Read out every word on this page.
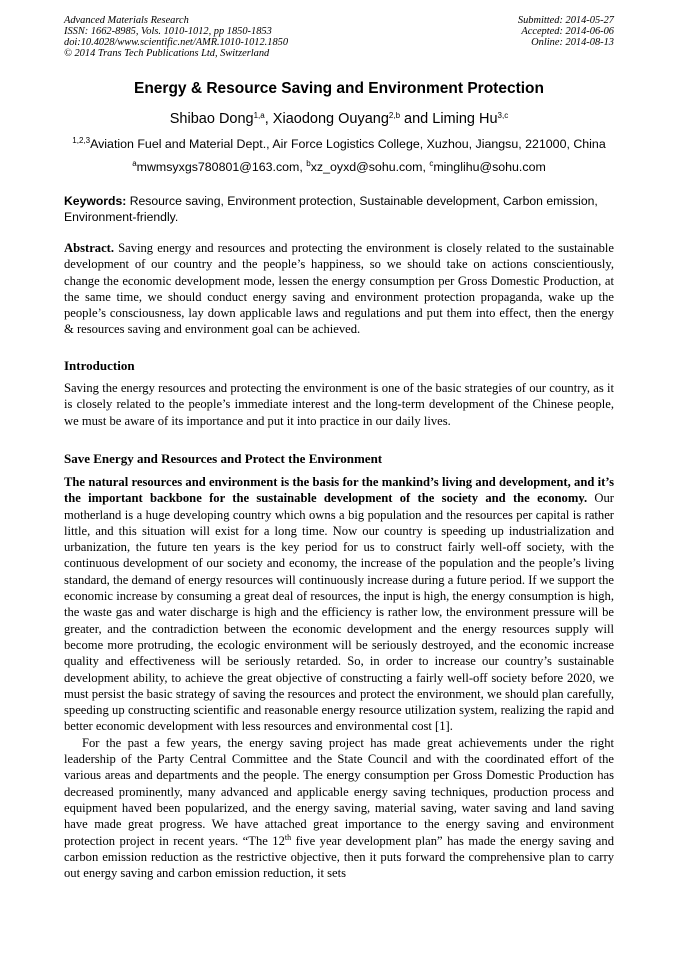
Advanced Materials Research
ISSN: 1662-8985, Vols. 1010-1012, pp 1850-1853
doi:10.4028/www.scientific.net/AMR.1010-1012.1850
© 2014 Trans Tech Publications Ltd, Switzerland
Submitted: 2014-05-27
Accepted: 2014-06-06
Online: 2014-08-13
Energy & Resource Saving and Environment Protection
Shibao Dong$^{1,a}$, Xiaodong Ouyang$^{2,b}$ and Liming Hu$^{3,c}$
$^{1,2,3}$Aviation Fuel and Material Dept., Air Force Logistics College, Xuzhou, Jiangsu, 221000, China
$^a$mwmsyxgs780801@163.com, $^b$xz_oyxd@sohu.com, $^c$minglihu@sohu.com
Keywords: Resource saving, Environment protection, Sustainable development, Carbon emission, Environment-friendly.
Abstract. Saving energy and resources and protecting the environment is closely related to the sustainable development of our country and the people’s happiness, so we should take on actions conscientiously, change the economic development mode, lessen the energy consumption per Gross Domestic Production, at the same time, we should conduct energy saving and environment protection propaganda, wake up the people’s consciousness, lay down applicable laws and regulations and put them into effect, then the energy & resources saving and environment goal can be achieved.
Introduction
Saving the energy resources and protecting the environment is one of the basic strategies of our country, as it is closely related to the people’s immediate interest and the long-term development of the Chinese people, we must be aware of its importance and put it into practice in our daily lives.
Save Energy and Resources and Protect the Environment

The natural resources and environment is the basis for the mankind’s living and development, and it’s the important backbone for the sustainable development of the society and the economy. Our motherland is a huge developing country which owns a big population and the resources per capital is rather little, and this situation will exist for a long time. Now our country is speeding up industrialization and urbanization, the future ten years is the key period for us to construct fairly well-off society, with the continuous development of our society and economy, the increase of the population and the people’s living standard, the demand of energy resources will continuously increase during a future period. If we support the economic increase by consuming a great deal of resources, the input is high, the energy consumption is high, the waste gas and water discharge is high and the efficiency is rather low, the environment pressure will be greater, and the contradiction between the economic development and the energy resources supply will become more protruding, the ecologic environment will be seriously destroyed, and the economic increase quality and effectiveness will be seriously retarded. So, in order to increase our country’s sustainable development ability, to achieve the great objective of constructing a fairly well-off society before 2020, we must persist the basic strategy of saving the resources and protect the environment, we should plan carefully, speeding up constructing scientific and reasonable energy resource utilization system, realizing the rapid and better economic development with less resources and environmental cost [1].

For the past a few years, the energy saving project has made great achievements under the right leadership of the Party Central Committee and the State Council and with the coordinated effort of the various areas and departments and the people. The energy consumption per Gross Domestic Production has decreased prominently, many advanced and applicable energy saving techniques, production process and equipment haved been popularized, and the energy saving, material saving, water saving and land saving have made great progress. We have attached great importance to the energy saving and environment protection project in recent years. “The 12th five year development plan” has made the energy saving and carbon emission reduction as the restrictive objective, then it puts forward the comprehensive plan to carry out energy saving and carbon emission reduction, it sets
